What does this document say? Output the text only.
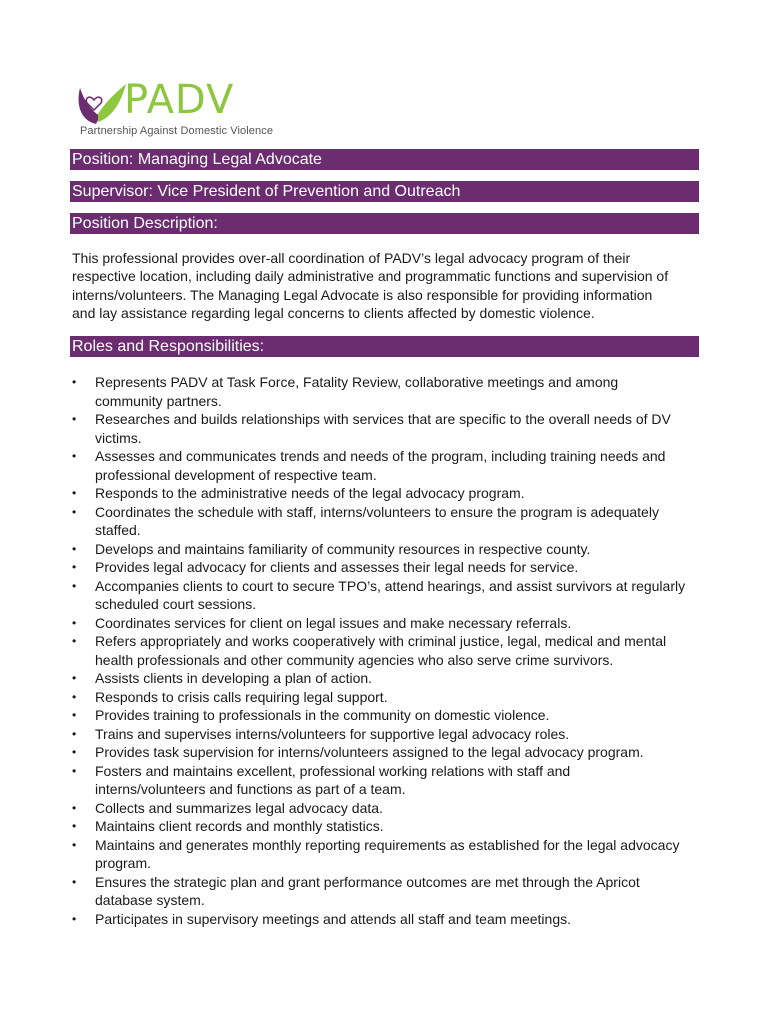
PADV
Partnership Against Domestic Violence
Position: Managing Legal Advocate
Supervisor: Vice President of Prevention and Outreach
Position Description:
This professional provides over-all coordination of PADV’s legal advocacy program of their
respective location, including daily administrative and programmatic functions and supervision of
interns/volunteers. The Managing Legal Advocate is also responsible for providing information
and lay assistance regarding legal concerns to clients affected by domestic violence.
Roles and Responsibilities:
• Represents PADV at Task Force, Fatality Review, collaborative meetings and among
community partners.
• Researches and builds relationships with services that are specific to the overall needs of DV
victims.
• Assesses and communicates trends and needs of the program, including training needs and
professional development of respective team.
• Responds to the administrative needs of the legal advocacy program.
• Coordinates the schedule with staff, interns/volunteers to ensure the program is adequately
staffed.
• Develops and maintains familiarity of community resources in respective county.
• Provides legal advocacy for clients and assesses their legal needs for service.
• Accompanies clients to court to secure TPO’s, attend hearings, and assist survivors at regularly
scheduled court sessions.
• Coordinates services for client on legal issues and make necessary referrals.
• Refers appropriately and works cooperatively with criminal justice, legal, medical and mental
health professionals and other community agencies who also serve crime survivors.
• Assists clients in developing a plan of action.
• Responds to crisis calls requiring legal support.
• Provides training to professionals in the community on domestic violence.
• Trains and supervises interns/volunteers for supportive legal advocacy roles.
• Provides task supervision for interns/volunteers assigned to the legal advocacy program.
• Fosters and maintains excellent, professional working relations with staff and
interns/volunteers and functions as part of a team.
• Collects and summarizes legal advocacy data.
• Maintains client records and monthly statistics.
• Maintains and generates monthly reporting requirements as established for the legal advocacy
program.
• Ensures the strategic plan and grant performance outcomes are met through the Apricot
database system.
• Participates in supervisory meetings and attends all staff and team meetings.
